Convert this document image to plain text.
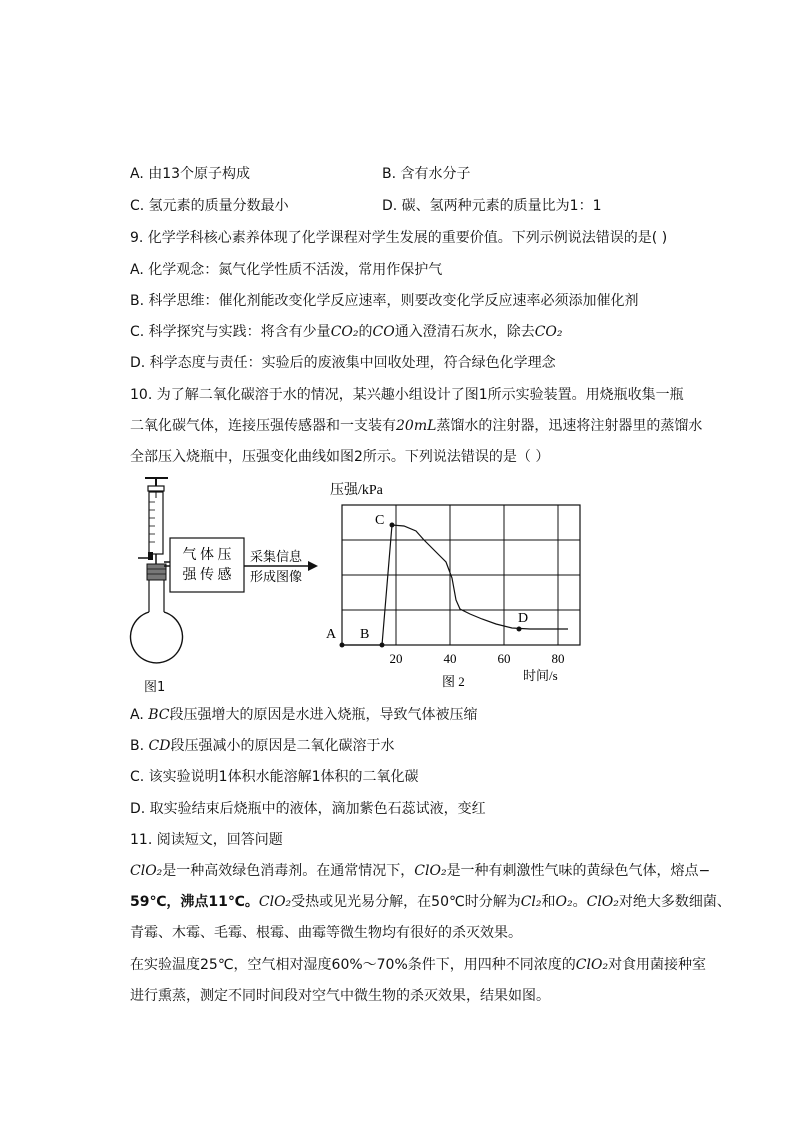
A. 由13个原子构成	B. 含有水分子
C. 氢元素的质量分数最小	D. 碳、氢两种元素的质量比为1：1
9. 化学学科核心素养体现了化学课程对学生发展的重要价值。下列示例说法错误的是( )
A. 化学观念：氮气化学性质不活泼，常用作保护气
B. 科学思维：催化剂能改变化学反应速率，则要改变化学反应速率必须添加催化剂
C. 科学探究与实践：将含有少量CO₂的CO通入澄清石灰水，除去CO₂
D. 科学态度与责任：实验后的废液集中回收处理，符合绿色化学理念
10. 为了解二氧化碳溶于水的情况，某兴趣小组设计了图1所示实验装置。用烧瓶收集一瓶
二氧化碳气体，连接压强传感器和一支装有20mL蒸馏水的注射器，迅速将注射器里的蒸馏水
全部压入烧瓶中，压强变化曲线如图2所示。下列说法错误的是（ ）
气 体 压
强 传 感
采集信息
形成图像
图1
压强/kPa
A B
C
D
20	40	60	80
图 2	时间/s
A. BC段压强增大的原因是水进入烧瓶，导致气体被压缩
B. CD段压强减小的原因是二氧化碳溶于水
C. 该实验说明1体积水能溶解1体积的二氧化碳
D. 取实验结束后烧瓶中的液体，滴加紫色石蕊试液，变红
11. 阅读短文，回答问题
ClO₂是一种高效绿色消毒剂。在通常情况下，ClO₂是一种有刺激性气味的黄绿色气体，熔点−
59℃，沸点11℃。ClO₂受热或见光易分解，在50℃时分解为Cl₂和O₂。ClO₂对绝大多数细菌、
青霉、木霉、毛霉、根霉、曲霉等微生物均有很好的杀灭效果。
在实验温度25℃，空气相对湿度60%～70%条件下，用四种不同浓度的ClO₂对食用菌接种室
进行熏蒸，测定不同时间段对空气中微生物的杀灭效果，结果如图。
